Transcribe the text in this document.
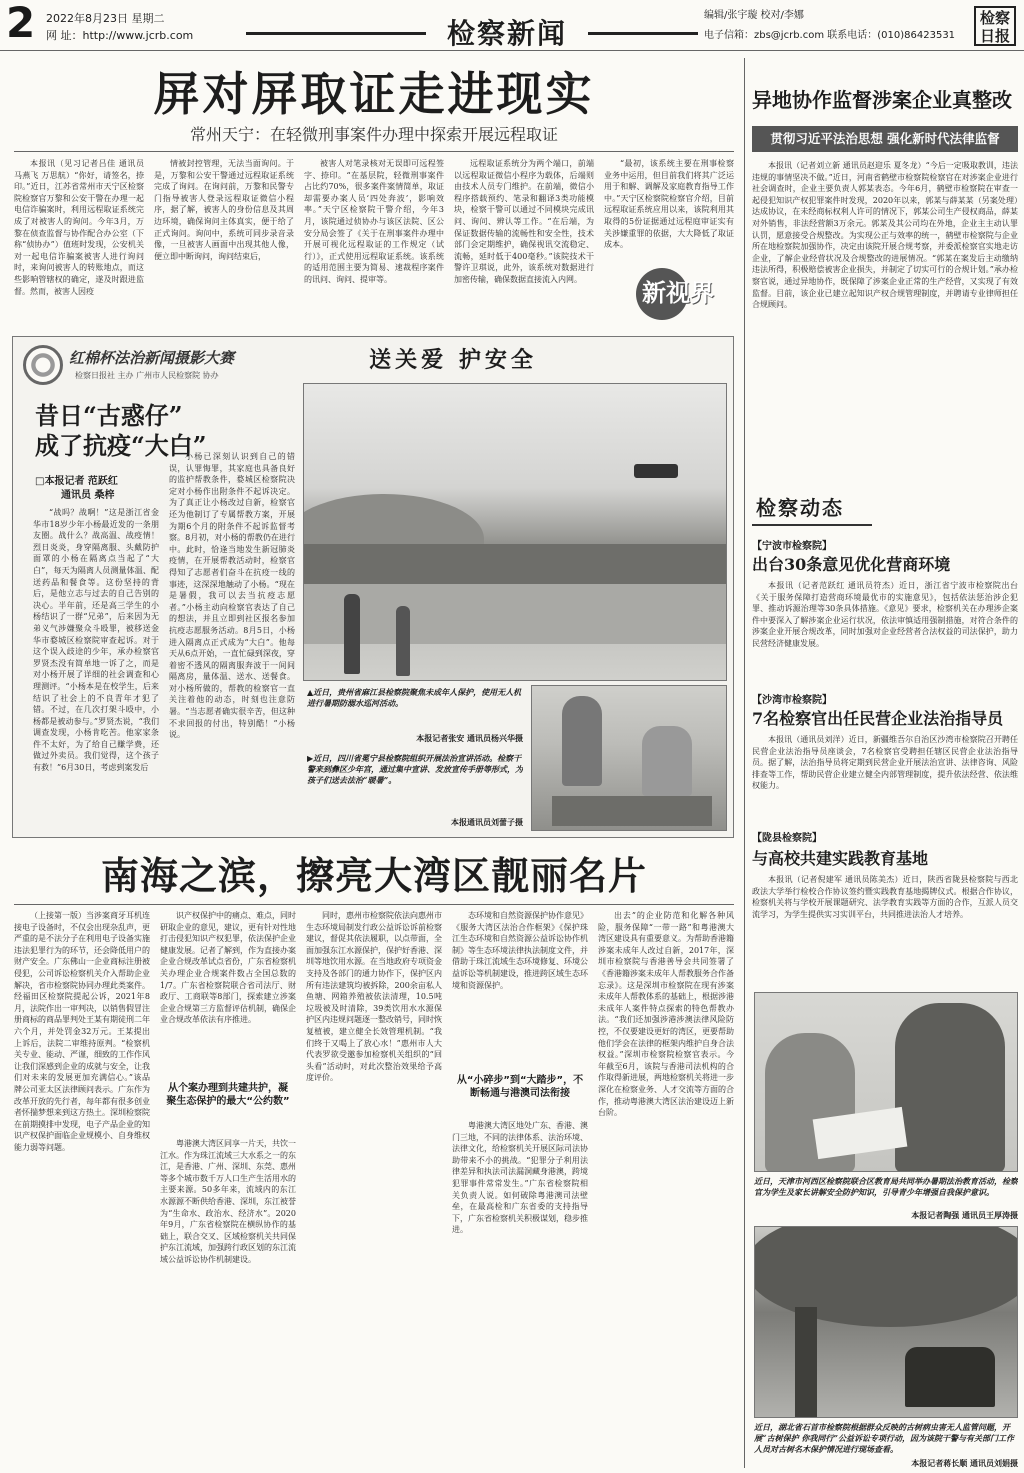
2 2022年8月23日 星期二
网 址：http://www.jcrb.com	检察新闻
编辑/张宇璇 校对/李娜
电子信箱：zbs@jcrb.com 联系电话：(010)86423531
检察日报
屏对屏取证走进现实
常州天宁：在轻微刑事案件办理中探索开展远程取证

本报讯（见习记者吕佳 通讯员马燕飞 万思航）“你好，请签名，捺印。”近日，江苏省常州市天宁区检察院检察官万黎和公安干警在办理一起电信诈骗案时，利用远程取证系统完成了对被害人的询问。今年3月，万黎在侦查监督与协作配合办公室（下称“侦协办”）值班时发现，公安机关对一起电信诈骗案被害人进行询问时，来询问被害人的转账地点，而这些影响管辖权的确定，遂及时跟进监督。然而，被害人因疫

情被封控管理，无法当面询问。于是，万黎和公安干警通过远程取证系统完成了询问。在询问前，万黎和民警专门指导被害人登录远程取证微信小程序，据了解，被害人的身份信息及其周边环境，确保询问主体真实，便于给了正式询问。询问中，系统可同步录音录像，一旦被害人画面中出现其他人像，便立即中断询问，询问结束后，

被害人对笔录核对无误即可远程签字、捺印。“在基层院，轻微刑事案件占比约70%，很多案件案情简单，取证却需要办案人员‘四处奔波’，影响效率。”天宁区检察院干警介绍，今年3月，该院通过侦协办与该区法院、区公安分局会签了《关于在刑事案件办理中开展可视化远程取证的工作规定（试行）》，正式使用远程取证系统。该系统的适用范围主要为简易、速裁程序案件的讯问、询问、提审等。

远程取证系统分为两个端口，前端以远程取证微信小程序为载体，后端则由技术人员专门维护。在前端，微信小程序搭载预约、笔录和翻译3类功能模块，检察干警可以通过不同模块完成讯问、询问、辨认等工作。“在后端，为保证数据传输的流畅性和安全性，技术部门会定期维护，确保视讯交流稳定、流畅，延时低于400毫秒。”该院技术干警许卫琪说，此外，该系统对数据进行加密传输，确保数据直接流入内网。

“最初，该系统主要在刑事检察业务中运用，但目前我们将其广泛运用于和解、调解及家庭教育指导工作中。”天宁区检察院检察官介绍，目前远程取证系统应用以来，该院利用其取得的5份证据通过远程庭审证实有关涉嫌重罪的依据，大大降低了取证成本。

新视界
红棉杯法治新闻摄影大赛
检察日报社 主办 广州市人民检察院 协办
送关爱 护安全
昔日“古惑仔”
成了抗疫“大白”
□本报记者 范跃红
通讯员 桑梓

“战吗？战啊！”这是浙江省金华市18岁少年小杨最近发的一条朋友圈。战什么？战高温、战疫情！烈日炎炎，身穿隔离服、头戴防护面罩的小杨在隔离点当起了“大白”，每天为隔离人员测量体温、配送药品和餐食等。这份坚持的背后，是他立志与过去的自己告别的决心。半年前，还是高三学生的小杨结识了一群“兄弟”，后来因为无弟义气涉嫌聚众斗殴罪，被移送金华市婺城区检察院审查起诉。对于这个误入歧途的少年，承办检察官罗贤杰没有简单地一诉了之，而是对小杨开展了详细的社会调查和心理测评。“小杨本是在校学生，后来结识了社会上的不良青年才犯了错。不过，在几次打架斗殴中，小杨都是被动参与。”罗贤杰说，“我们调查发现，小杨肯吃苦。他家家条件不太好，为了给自己赚学费，还做过外卖员。我们觉得，这个孩子有救！”6月30日，考虑到案发后

小杨已深刻认识到自己的错误，认罪悔罪，其家庭也具备良好的监护帮教条件，婺城区检察院决定对小杨作出附条件不起诉决定。为了真正让小杨改过自新，检察官还为他制订了专属帮教方案，开展为期6个月的附条件不起诉监督考察。8月初，对小杨的帮教仍在进行中。此时，恰逢当地发生新冠肺炎疫情，在开展帮教活动时，检察官得知了志愿者们奋斗在抗疫一线的事迹，这深深地触动了小杨。“现在是暑假，我可以去当抗疫志愿者。”小杨主动向检察官表达了自己的想法，并且立即到社区报名参加抗疫志愿服务活动。8月5日，小杨进入隔离点正式成为“大白”。他每天从6点开始，一直忙碌到深夜，穿着密不透风的隔离服奔波于一间间隔离房，量体温、送水、送餐食。对小杨所做的，帮教的检察官一直关注着他的动态，时刻也注意防暑。“当志愿者确实很辛苦，但这种不求回报的付出，特别酷！”小杨说。

▲近日，贵州省麻江县检察院聚焦未成年人保护，使用无人机进行暑期防溺水巡河活动。
本报记者张安 通讯员杨兴华摄
▶近日，四川省冕宁县检察院组织开展法治宣讲活动。检察干警来到彝区少年宫，通过集中宣讲、发放宣传手册等形式，为孩子们送去法治“暖暑”。
本报通讯员刘蕾子摄
南海之滨，擦亮大湾区靓丽名片

（上接第一版）当涉案商牙耳机连接电子设备时，不仅会出现杂乱声，更严重的是不法分子在利用电子设备实施违法犯罪行为的环节，还会降低用户的财产安全。广东佛山一企业商标注册被侵犯，公司诉讼检察机关介入帮助企业解决，省市检察院协同办理此类案件。经福田区检察院提起公诉，2021年8月，法院作出一审判决，以销售假冒注册商标的商品罪判处王某有期徒刑二年六个月，并处罚金32万元。王某提出上诉后，法院二审维持原判。“检察机关专业、能动、严谨，细致的工作作风让我们深感到企业的成就与安全，让我们对未来的发展更加充满信心。”该品牌公司亚太区法律顾问表示。广东作为改革开放的先行者，每年都有很多创业者怀揣梦想来到这方热土。深圳检察院在前期摸排中发现，电子产品企业的知识产权保护面临企业规模小、自身维权能力弱等问题。

识产权保护中的痛点、难点，同时研取企业的意见，建议，更有针对性地打击侵犯知识产权犯罪，依法保护企业健康发展。记者了解到，作为直接办案企业合规改革试点省份，广东省检察机关办理企业合规案件数占全国总数的1/7。广东省检察院联合省司法厅、财政厅、工商联等8部门，探索建立涉案企业合规第三方监督评估机制，确保企业合规改革依法有序推进。

从个案办理到共建共护，凝聚生态保护的最大“公约数”

粤港澳大湾区同享一片天，共饮一江水。作为珠江流域三大水系之一的东江，是香港、广州、深圳、东莞、惠州等多个城市数千万人口生产生活用水的主要来源。50多年来，流域内的东江水源源不断供给香港、深圳，东江被誉为“生命水、政治水、经济水”。2020年9月，广东省检察院在横纵协作的基础上，联合交叉、区域检察机关共同保护东江流域，加强跨行政区划的东江流域公益诉讼协作机制建设。

同时，惠州市检察院依法向惠州市生态环境局制发行政公益诉讼诉前检察建议，督促其依法履职，以点带面，全面加强东江水源保护，保护好香港、深圳等地饮用水源。在当地政府专项资金支持及各部门的通力协作下，保护区内所有违法建筑均被拆除，200余亩私人鱼塘、网箱养殖被依法清理，10.5吨垃圾被及时清除，39类饮用水水源保护区内违规问题逐一整改销号，同时恢复植被，建立健全长效管理机制。“我们终于又喝上了放心水！”惠州市人大代表罗欲受邀参加检察机关组织的“回头看”活动时，对此次整治效果给予高度评价。

态环境和自然资源保护协作意见》《服务大湾区法治合作框架》《保护珠江生态环境和自然资源公益诉讼协作机制》等生态环境法律执法制度文件，并借助于珠江流域生态环境修复、环境公益诉讼等机制建设，推进跨区域生态环境和资源保护。

从“小碎步”到“大踏步”，不断畅通与港澳司法衔接

粤港澳大湾区地处广东、香港、澳门三地，不同的法律体系、法治环境、法律文化，给检察机关开展区际司法协助带来不小的挑战。“犯罪分子利用法律差异和执法司法漏洞藏身港澳，跨境犯罪事件常常发生。”广东省检察院相关负责人说。如何破除粤港澳司法壁垒，在最高检和广东省委的支持指导下，广东省检察机关积极谋划，稳步推进。

出去”的企业防范和化解各种风险，服务保障“一带一路”和粤港澳大湾区建设具有重要意义。为帮助香港籍涉案未成年人改过自新，2017年，深圳市检察院与香港善导会共同签署了《香港籍涉案未成年人帮教服务合作备忘录》。这是深圳市检察院在现有涉案未成年人帮教体系的基础上，根据涉港未成年人案件特点探索的特色帮教办法。“我们还加强涉港涉澳法律风险防控，不仅要建设更好的湾区，更要帮助他们学会在法律的框架内维护自身合法权益。”深圳市检察院检察官表示。今年截至6月，该院与香港司法机构的合作取得新进展，两地检察机关将进一步深化在检察业务、人才交流等方面的合作，推动粤港澳大湾区法治建设迈上新台阶。

异地协作监督涉案企业真整改
贯彻习近平法治思想 强化新时代法律监督

本报讯（记者刘立新 通讯员赵迎乐 夏冬龙）“今后一定吸取教训，违法违规的事情坚决不做。”近日，河南省鹤壁市检察院检察官在对涉案企业进行社会调查时，企业主要负责人郭某表态。今年6月，鹤壁市检察院在审查一起侵犯知识产权犯罪案件时发现，2020年以来，郭某与薛某某（另案处理）达成协议，在未经商标权利人许可的情况下，郭某公司生产侵权商品，薛某对外销售，非法经营额3万余元。郭某及其公司均在外地，企业主主动认罪认罚，愿意接受合规整改。为实现公正与效率的统一，鹤壁市检察院与企业所在地检察院加强协作，决定由该院开展合规考察，并委派检察官实地走访企业，了解企业经营状况及合规整改的进展情况。“郭某在案发后主动缴纳违法所得，积极赔偿被害企业损失，并制定了切实可行的合规计划。”承办检察官说，通过异地协作，既保障了涉案企业正常的生产经营，又实现了有效监督。目前，该企业已建立起知识产权合规管理制度，并聘请专业律师担任合规顾问。

检察动态
【宁波市检察院】
出台30条意见优化营商环境

本报讯（记者范跃红 通讯员符杰）近日，浙江省宁波市检察院出台《关于服务保障打造营商环境最优市的实施意见》，包括依法惩治涉企犯罪、推动诉源治理等30条具体措施。《意见》要求，检察机关在办理涉企案件中要深入了解涉案企业运行状况，依法审慎适用强制措施，对符合条件的涉案企业开展合规改革，同时加强对企业经营者合法权益的司法保护，助力民营经济健康发展。

【沙湾市检察院】
7名检察官出任民营企业法治指导员

本报讯（通讯员刘洋）近日，新疆维吾尔自治区沙湾市检察院召开聘任民营企业法治指导员座谈会，7名检察官受聘担任辖区民营企业法治指导员。据了解，法治指导员将定期到民营企业开展法治宣讲、法律咨询、风险排查等工作，帮助民营企业建立健全内部管理制度，提升依法经营、依法维权能力。

【陇县检察院】
与高校共建实践教育基地

本报讯（记者倪建军 通讯员陈美杰）近日，陕西省陇县检察院与西北政法大学举行检校合作协议签约暨实践教育基地揭牌仪式。根据合作协议，检察机关将与学校开展课题研究、法学教育实践等方面的合作，互派人员交流学习，为学生提供实习实训平台，共同推进法治人才培养。

近日，天津市河西区检察院联合区教育局共同举办暑期法治教育活动，检察官为学生及家长讲解安全防护知识，引导青少年增强自我保护意识。
本报记者陶强 通讯员王厚涛摄
近日，湖北省石首市检察院根据群众反映的古树病虫害无人监管问题，开展“古树保护 你我同行”公益诉讼专项行动，因为该院干警与有关部门工作人员对古树名木保护情况进行现场查看。
本报记者蒋长顺 通讯员刘娟摄
